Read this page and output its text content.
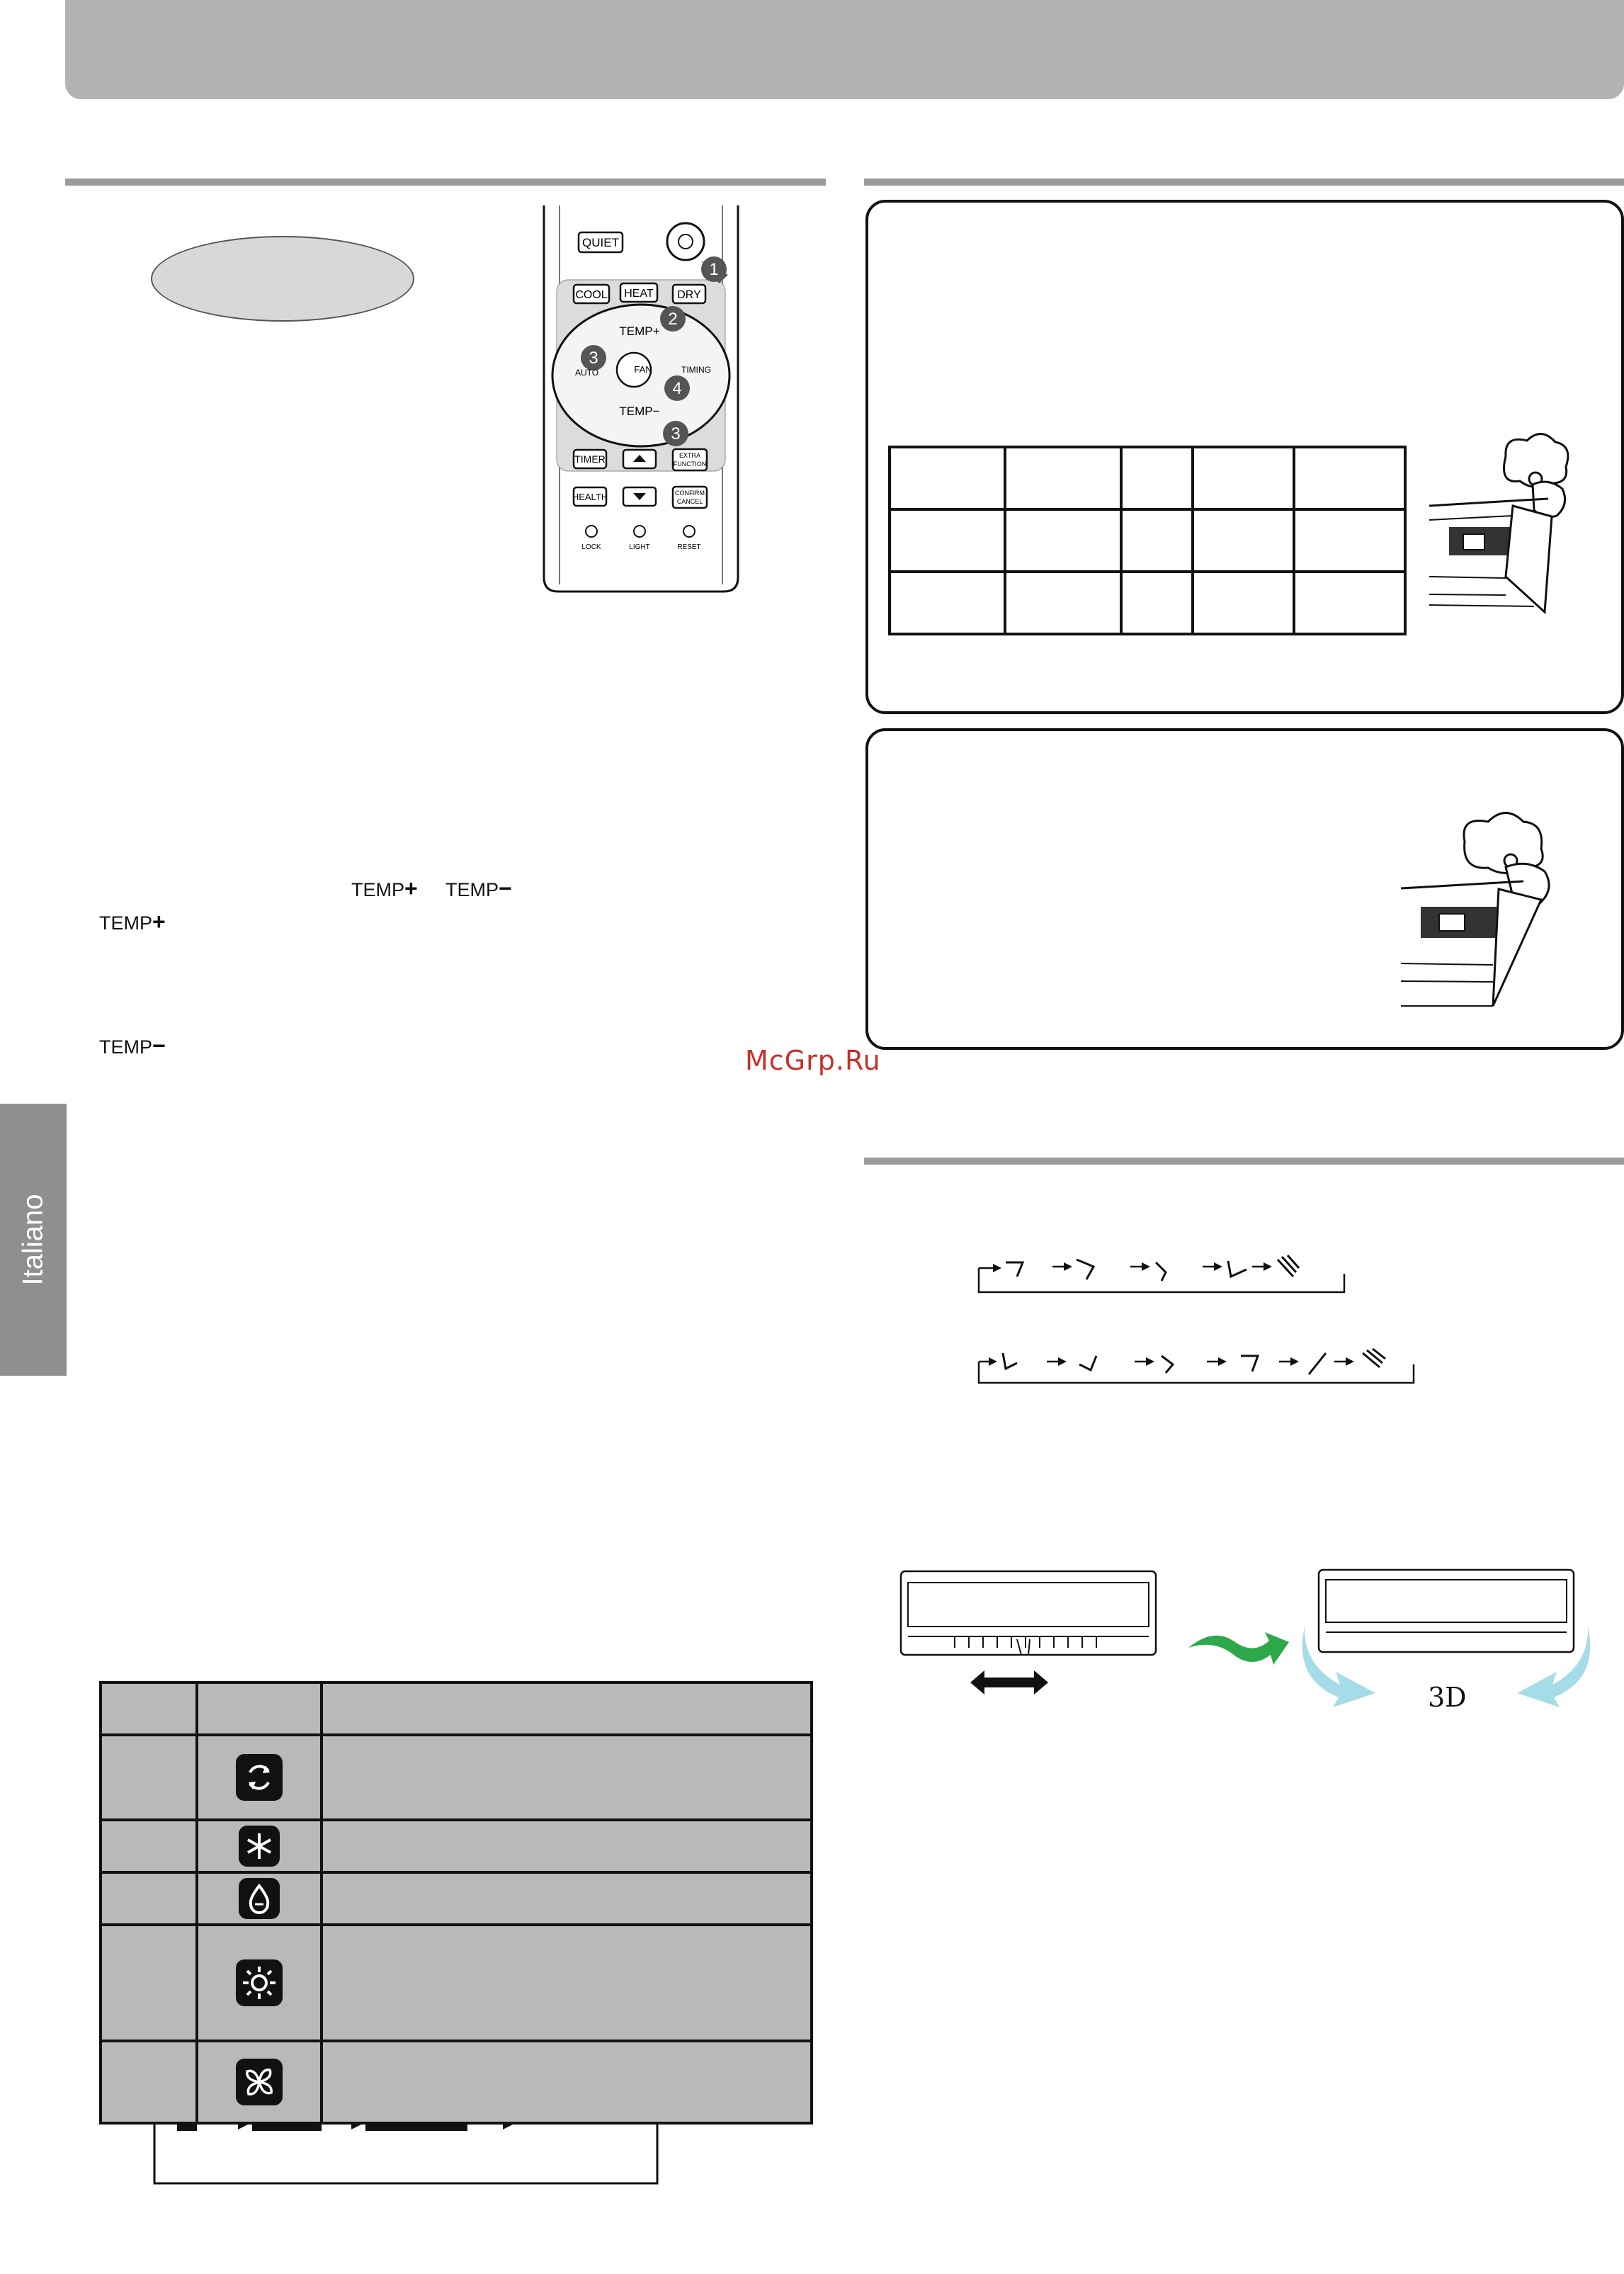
Italiano
1
QUIET
COOL HEAT DRY
2
TEMP+
3
AUTO	FAN	TIMING
4
TEMP−
3
TIMER	EXTRA
FUNCTION
HEALTH	CONFIRM
CANCEL
LOCK	LIGHT	RESET
TEMP+ TEMP−
TEMP+
TEMP−

					McGrp.Ru
3D
